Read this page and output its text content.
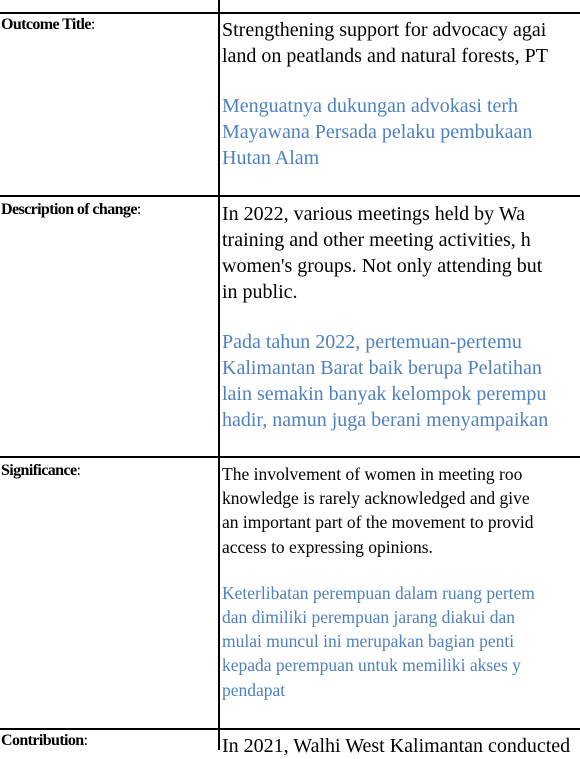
Outcome Title:	Strengthening support for advocacy agai

land on peatlands and natural forests, PT

Menguatnya dukungan advokasi terh

Mayawana Persada pelaku pembukaan

Hutan Alam

Description of change:	In 2022, various meetings held by Wa

training and other meeting activities, h

women's groups. Not only attending but

in public.

Pada tahun 2022, pertemuan-pertemu

Kalimantan Barat baik berupa Pelatihan

lain semakin banyak kelompok perempu

hadir, namun juga berani menyampaikan

Significance:	The involvement of women in meeting roo

knowledge is rarely acknowledged and give

an important part of the movement to provid

access to expressing opinions.

Keterlibatan perempuan dalam ruang pertem

dan dimiliki perempuan jarang diakui dan

mulai muncul ini merupakan bagian penti

kepada perempuan untuk memiliki akses y

pendapat

Contribution:	In 2021, Walhi West Kalimantan conducted
